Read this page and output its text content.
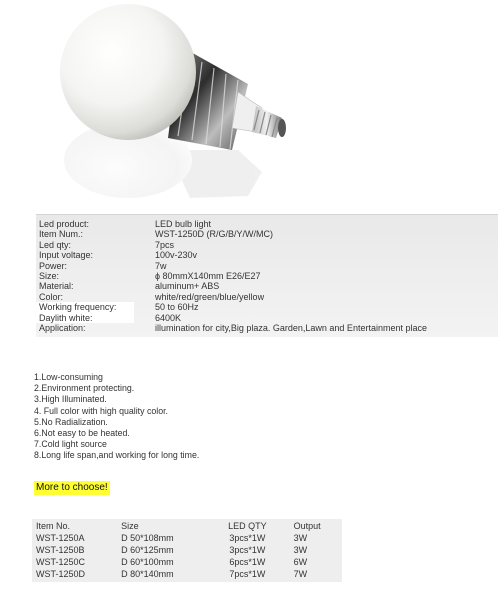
Led product:	LED bulb light
Item Num.:	WST-1250D (R/G/B/Y/W/MC)
Led qty:	7pcs
Input voltage:	100v-230v
Power:	7w
Size:	ɸ 80mmX140mm E26/E27
Material:	aluminum+ ABS
Color:	white/red/green/blue/yellow
Working frequency:	50 to 60Hz
Daylith white:	6400K
Application:	illumination for city,Big plaza. Garden,Lawn and Entertainment place
1.Low-consuming
2.Environment protecting.
3.High Illuminated.
4. Full color with high quality color.
5.No Radialization.
6.Not easy to be heated.
7.Cold light source
8.Long life span,and working for long time.
More to choose!
Item No.	Size	LED QTY	Output
WST-1250A	D 50*108mm	3pcs*1W	3W
WST-1250B	D 60*125mm	3pcs*1W	3W
WST-1250C	D 60*100mm	6pcs*1W	6W
WST-1250D	D 80*140mm	7pcs*1W	7W
